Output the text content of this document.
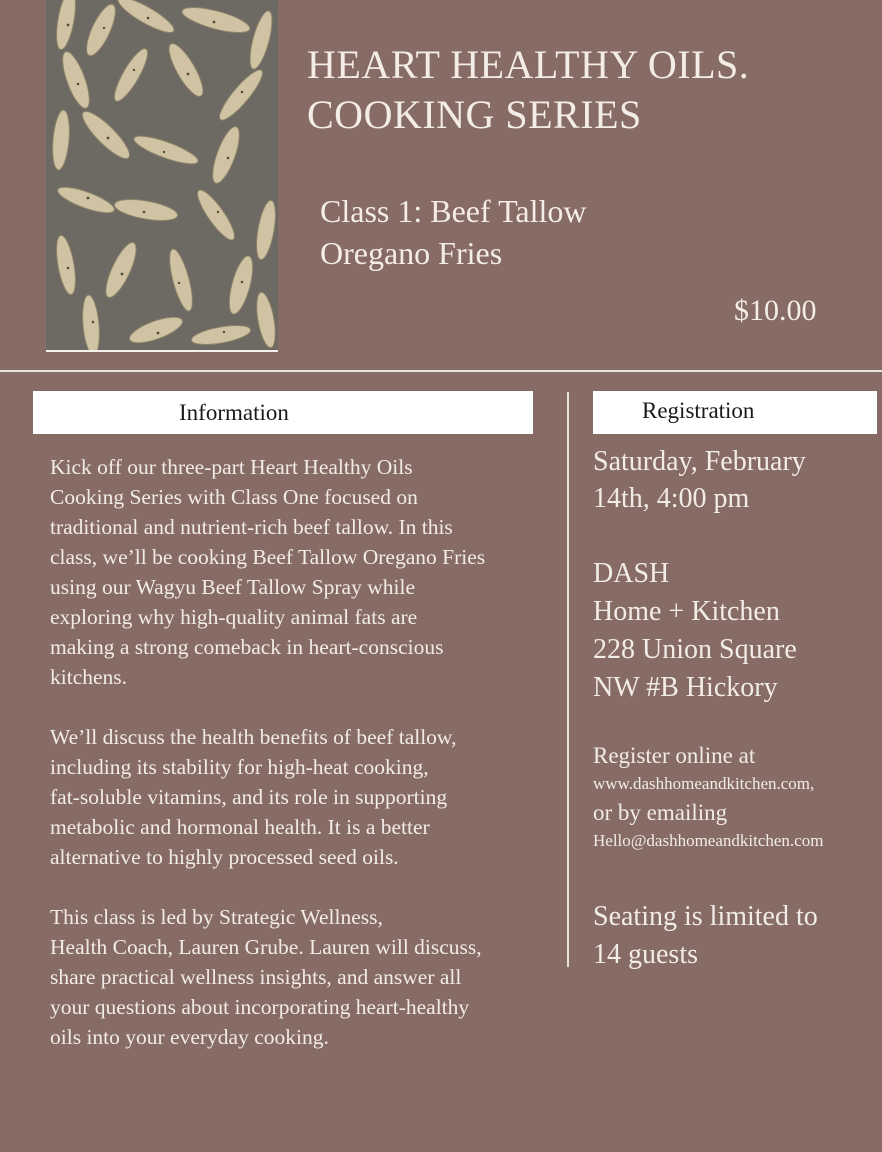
HEART HEALTHY OILS.
COOKING SERIES
Class 1: Beef Tallow
Oregano Fries
$10.00
Information	Registration

Kick off our three-part Heart Healthy Oils
Cooking Series with Class One focused on
traditional and nutrient-rich beef tallow. In this
class, we’ll be cooking Beef Tallow Oregano Fries
using our Wagyu Beef Tallow Spray while
exploring why high-quality animal fats are
making a strong comeback in heart-conscious
kitchens.

We’ll discuss the health benefits of beef tallow,
including its stability for high-heat cooking,
fat-soluble vitamins, and its role in supporting
metabolic and hormonal health. It is a better
alternative to highly processed seed oils.

This class is led by Strategic Wellness,
Health Coach, Lauren Grube. Lauren will discuss,
share practical wellness insights, and answer all
your questions about incorporating heart-healthy
oils into your everyday cooking.

Saturday, February
14th, 4:00 pm
DASH
Home + Kitchen
228 Union Square
NW #B Hickory
Register online at
www.dashhomeandkitchen.com,
or by emailing
Hello@dashhomeandkitchen.com
Seating is limited to
14 guests
